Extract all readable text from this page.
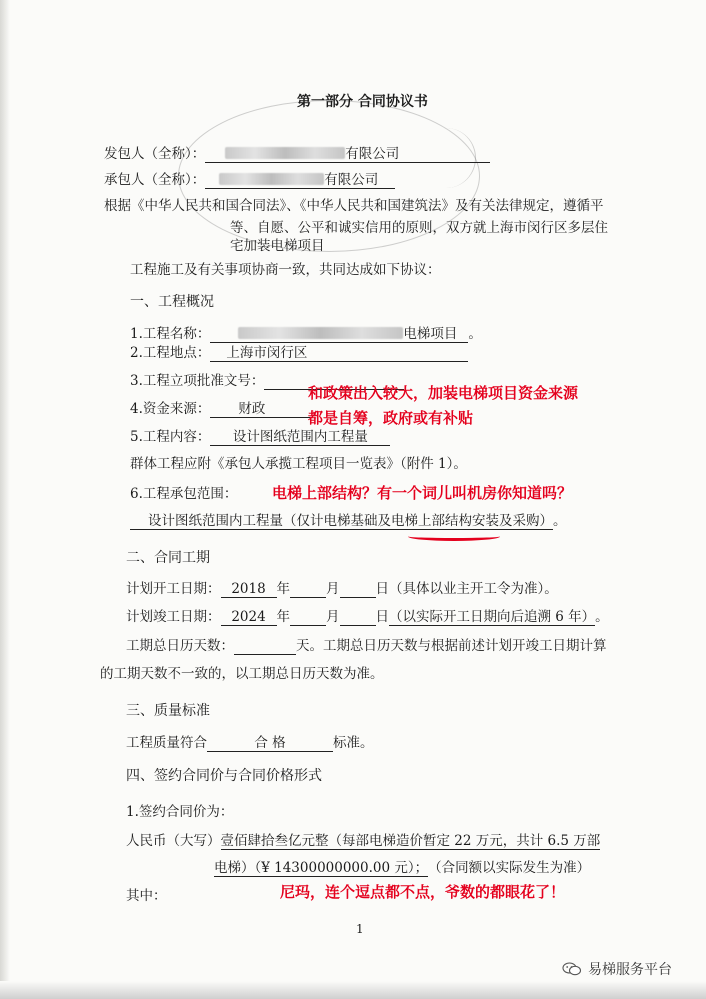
第一部分 合同协议书
发包人（全称）：	有限公司
承包人（全称）：	有限公司
根据《中华人民共和国合同法》、《中华人民共和国建筑法》及有关法律规定，遵循平
等、自愿、公平和诚实信用的原则，双方就上海市闵行区多层住
宅加装电梯项目
工程施工及有关事项协商一致，共同达成如下协议：
一、工程概况
1.工程名称：	电梯项目 。
2.工程地点： 上海市闵行区
3.工程立项批准文号：
4.资金来源： 财政
5.工程内容： 设计图纸范围内工程量
群体工程应附《承包人承揽工程项目一览表》（附件 1）。
6.工程承包范围：
设计图纸范围内工程量（仅计电梯基础及电梯上部结构安装及采购）。
二、合同工期
计划开工日期： 2018 年	月	日（具体以业主开工令为准）。
计划竣工日期： 2024 年	月	日（以实际开工日期向后追溯 6 年）。
工期总日历天数：	天。工期总日历天数与根据前述计划开竣工日期计算
的工期天数不一致的，以工期总日历天数为准。
三、质量标准
工程质量符合	合 格	标准。
四、签约合同价与合同价格形式
1.签约合同价为：
人民币（大写）壹佰肆拾叁亿元整（每部电梯造价暂定 22 万元，共计 6.5 万部
电梯）（¥ 14300000000.00 元）；（合同额以实际发生为准）
其中：
1
和政策出入较大，加装电梯项目资金来源
都是自筹，政府或有补贴
电梯上部结构？有一个词儿叫机房你知道吗？
尼玛，连个逗点都不点，爷数的都眼花了！
易梯服务平台
